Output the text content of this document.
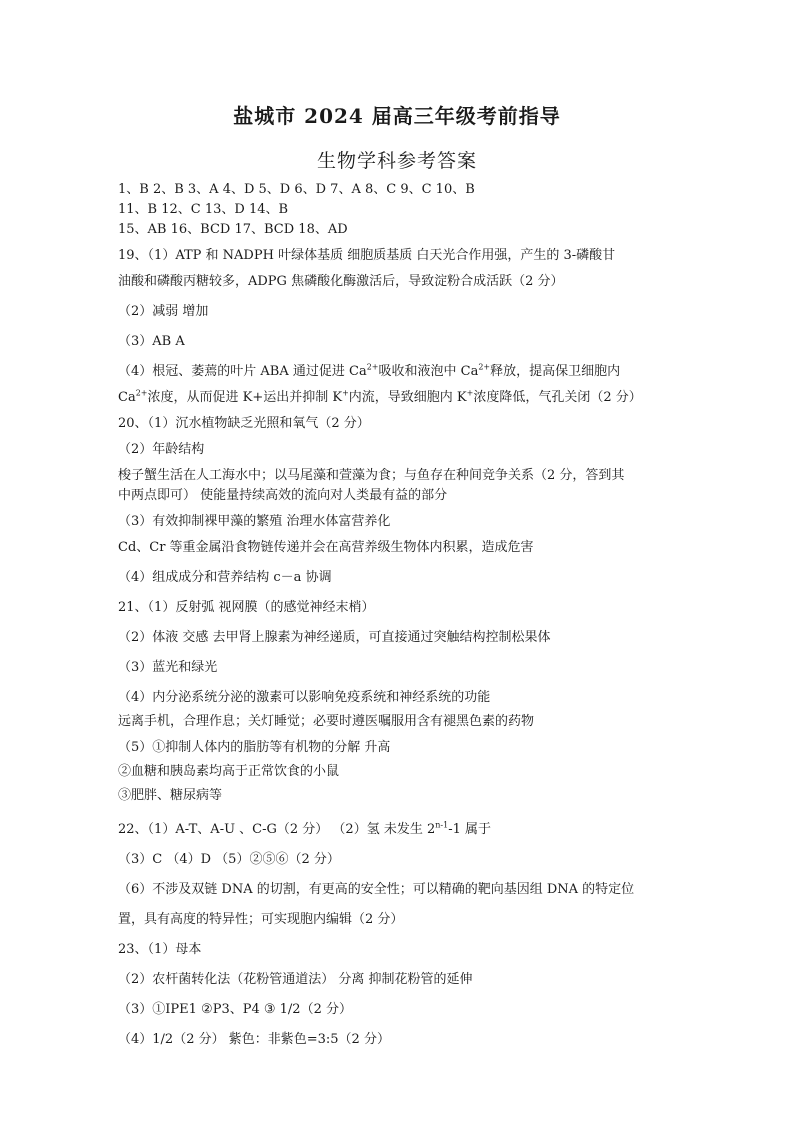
盐城市 2024 届高三年级考前指导
生物学科参考答案
1、B 2、B 3、A 4、D 5、D 6、D 7、A 8、C 9、C 10、B
11、B 12、C 13、D 14、B
15、AB 16、BCD 17、BCD 18、AD
19、（1）ATP 和 NADPH 叶绿体基质 细胞质基质 白天光合作用强，产生的 3-磷酸甘
油酸和磷酸丙糖较多，ADPG 焦磷酸化酶激活后，导致淀粉合成活跃（2 分）
（2）减弱 增加
（3）AB A
（4）根冠、萎蔫的叶片 ABA 通过促进 $Ca^{2+}$吸收和液泡中 $Ca^{2+}$释放，提高保卫细胞内
$Ca^{2+}$浓度，从而促进 K+运出并抑制 K+内流，导致细胞内 K+浓度降低，气孔关闭（2 分）
20、（1）沉水植物缺乏光照和氧气（2 分）
（2）年龄结构
梭子蟹生活在人工海水中；以马尾藻和萱藻为食；与鱼存在种间竞争关系（2 分，答到其
中两点即可） 使能量持续高效的流向对人类最有益的部分
（3）有效抑制裸甲藻的繁殖 治理水体富营养化
Cd、Cr 等重金属沿食物链传递并会在高营养级生物体内积累，造成危害
（4）组成成分和营养结构 c－a 协调
21、（1）反射弧 视网膜（的感觉神经末梢）
（2）体液 交感 去甲肾上腺素为神经递质，可直接通过突触结构控制松果体
（3）蓝光和绿光
（4）内分泌系统分泌的激素可以影响免疫系统和神经系统的功能
远离手机，合理作息；关灯睡觉；必要时遵医嘱服用含有褪黑色素的药物
（5）①抑制人体内的脂肪等有机物的分解 升高
②血糖和胰岛素均高于正常饮食的小鼠
③肥胖、糖尿病等
22、（1）A-T、A-U 、C-G（2 分） （2）氢 未发生 2$^{n-1}$-1 属于
（3）C （4）D （5）②⑤⑥（2 分）
（6）不涉及双链 DNA 的切割，有更高的安全性；可以精确的靶向基因组 DNA 的特定位
置，具有高度的特异性；可实现胞内编辑（2 分）
23、（1）母本
（2）农杆菌转化法（花粉管通道法） 分离 抑制花粉管的延伸
（3）①IPE1 ②P3、P4 ③ 1/2（2 分）
（4）1/2（2 分） 紫色：非紫色=3:5（2 分）
